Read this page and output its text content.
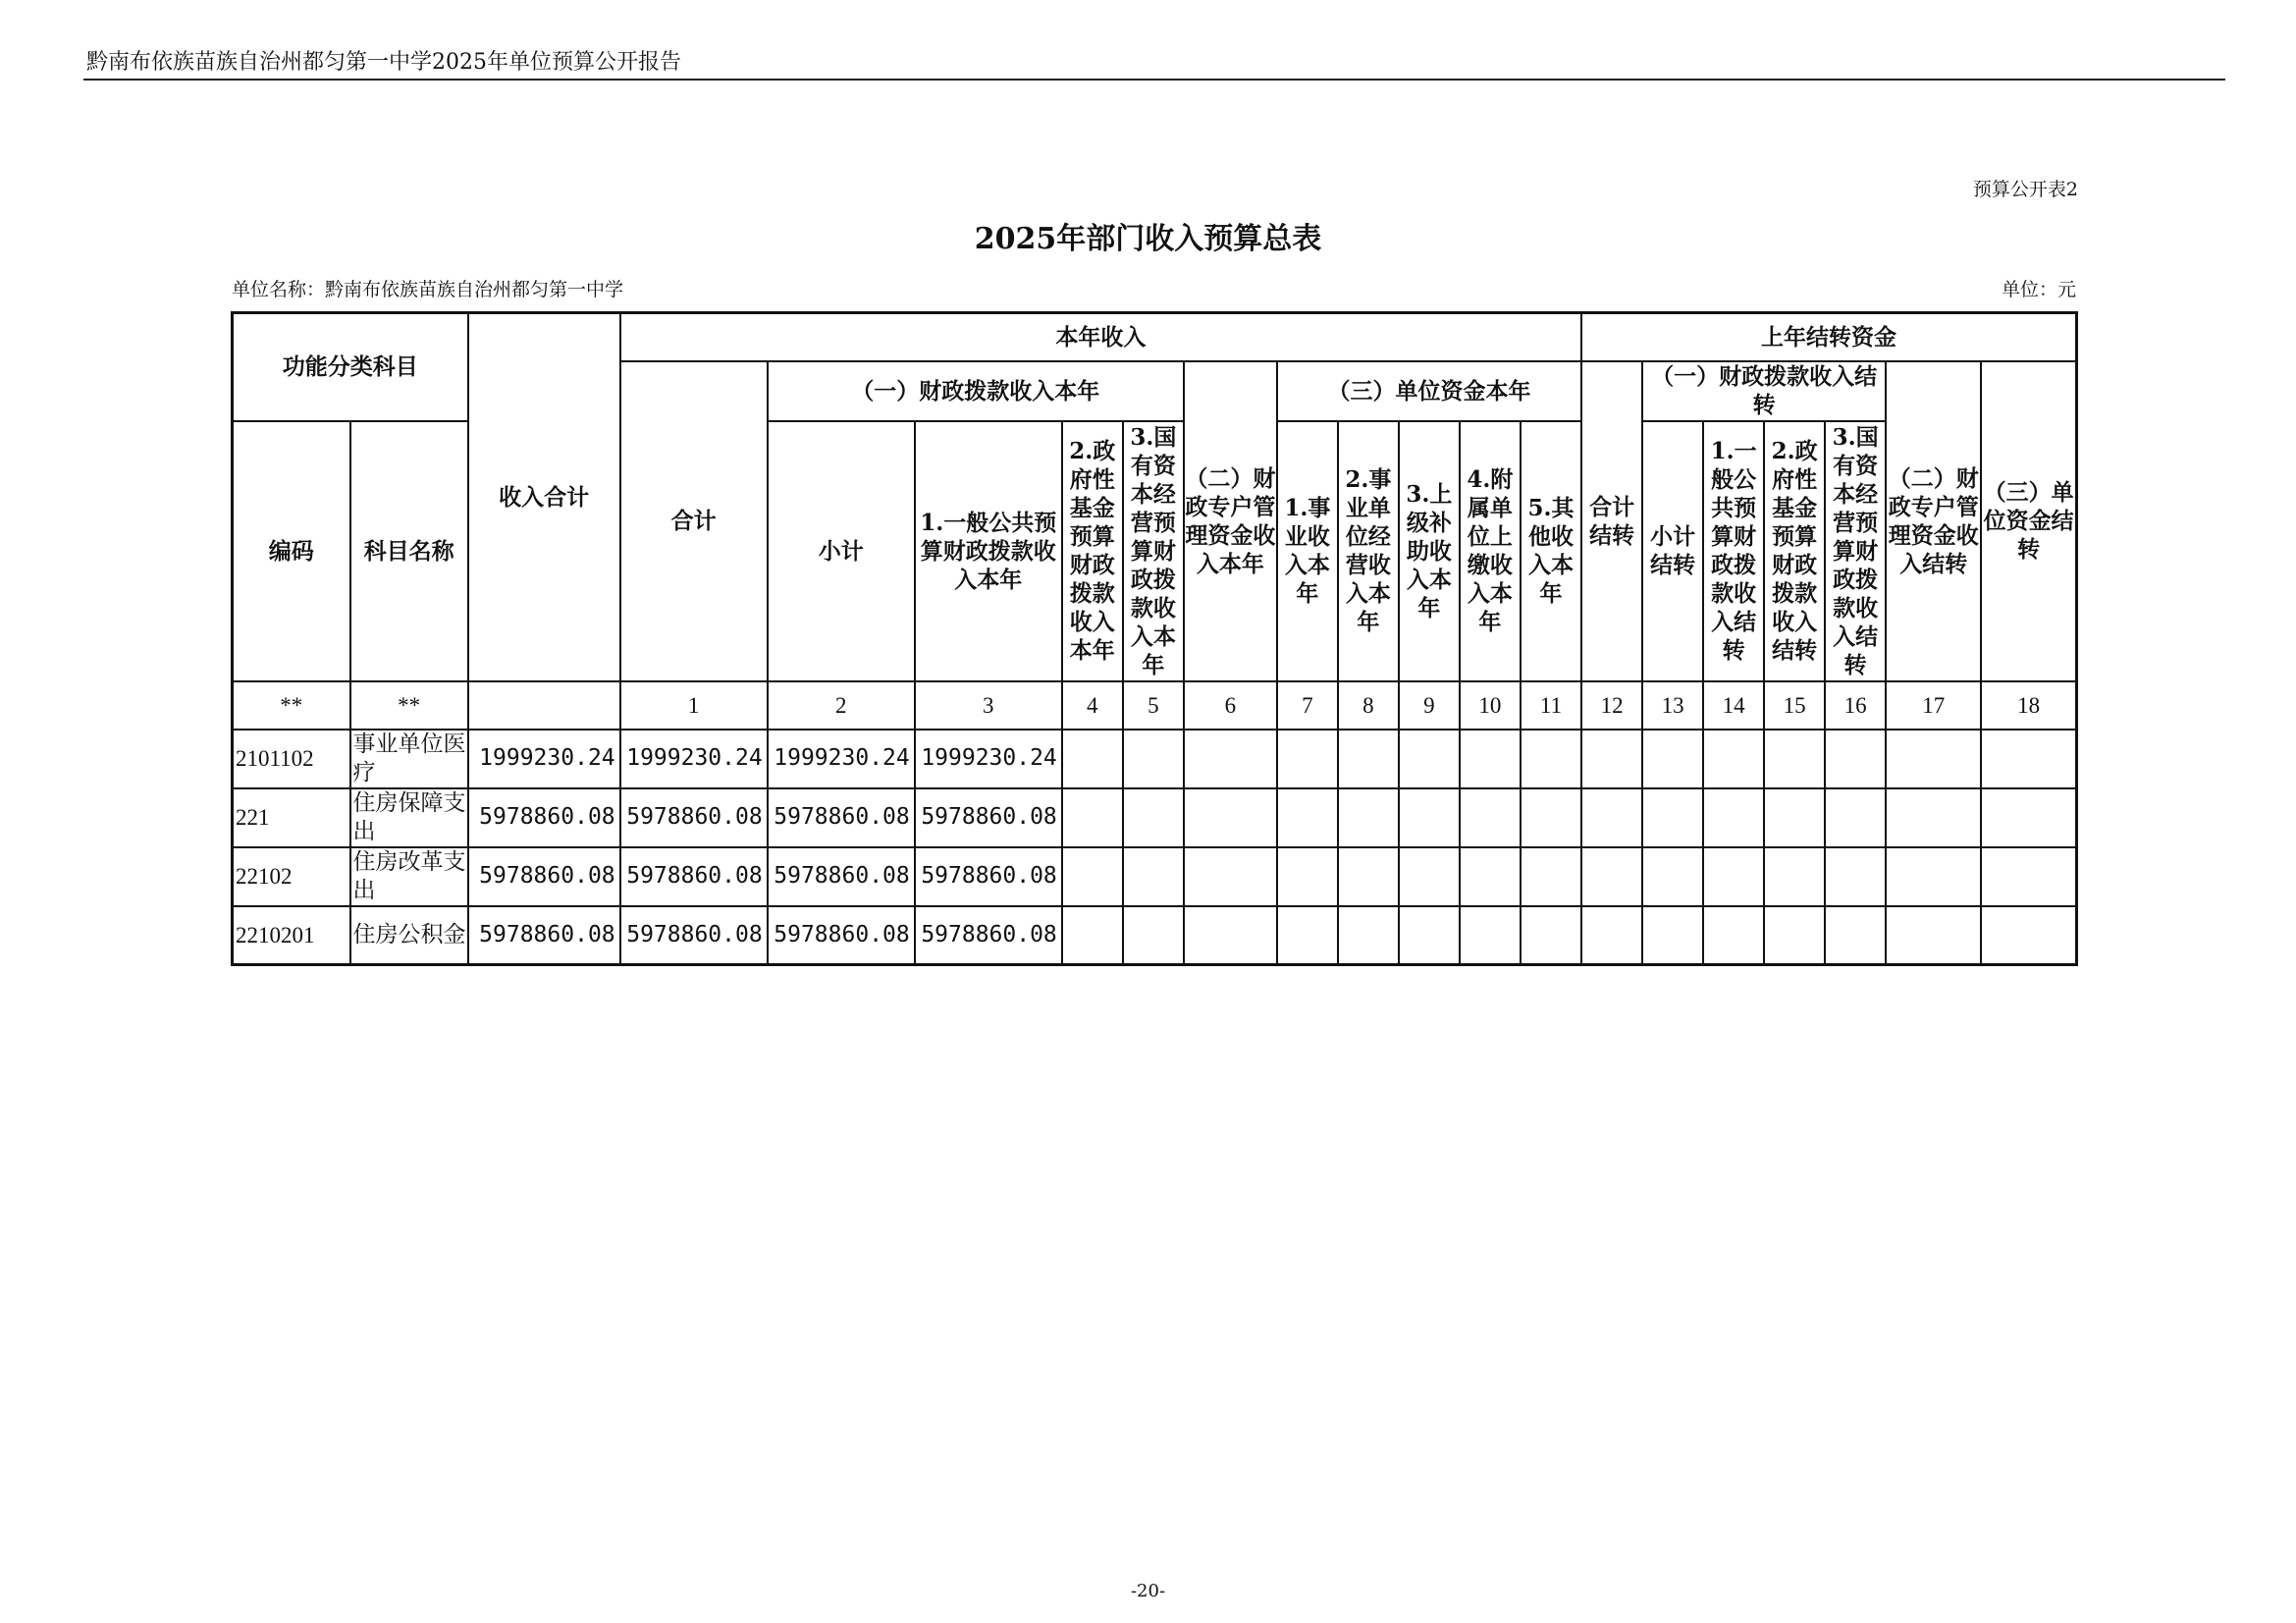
黔南布依族苗族自治州都匀第一中学2025年单位预算公开报告
预算公开表2
2025年部门收入预算总表
单位名称：黔南布依族苗族自治州都匀第一中学	单位：元
功能分类科目		收入合计	本年收入											上年结转资金						
			合计	（一）财政拨款收入本年				（二）财政专户管理资金收入本年	（三）单位资金本年					合计结转	（一）财政拨款收入结转				（二）财政专户管理资金收入结转	（三）单位资金结转
编码	科目名称			小计	1.一般公共预算财政拨款收入本年	2.政府性基金预算财政拨款收入本年	3.国有资本经营预算财政拨款收入本年		1.事业收入本年	2.事业单位经营收入本年	3.上级补助收入本年	4.附属单位上缴收入本年	5.其他收入本年		小计结转	1.一般公共预算财政拨款收入结转	2.政府性基金预算财政拨款收入结转	3.国有资本经营预算财政拨款收入结转		
**	**		1	2	3	4	5	6	7	8	9	10	11	12	13	14	15	16	17	18
2101102	事业单位医疗	1999230.24	1999230.24	1999230.24	1999230.24															
221	住房保障支出	5978860.08	5978860.08	5978860.08	5978860.08															
22102	住房改革支出	5978860.08	5978860.08	5978860.08	5978860.08															
2210201	住房公积金	5978860.08	5978860.08	5978860.08	5978860.08															
-20-
